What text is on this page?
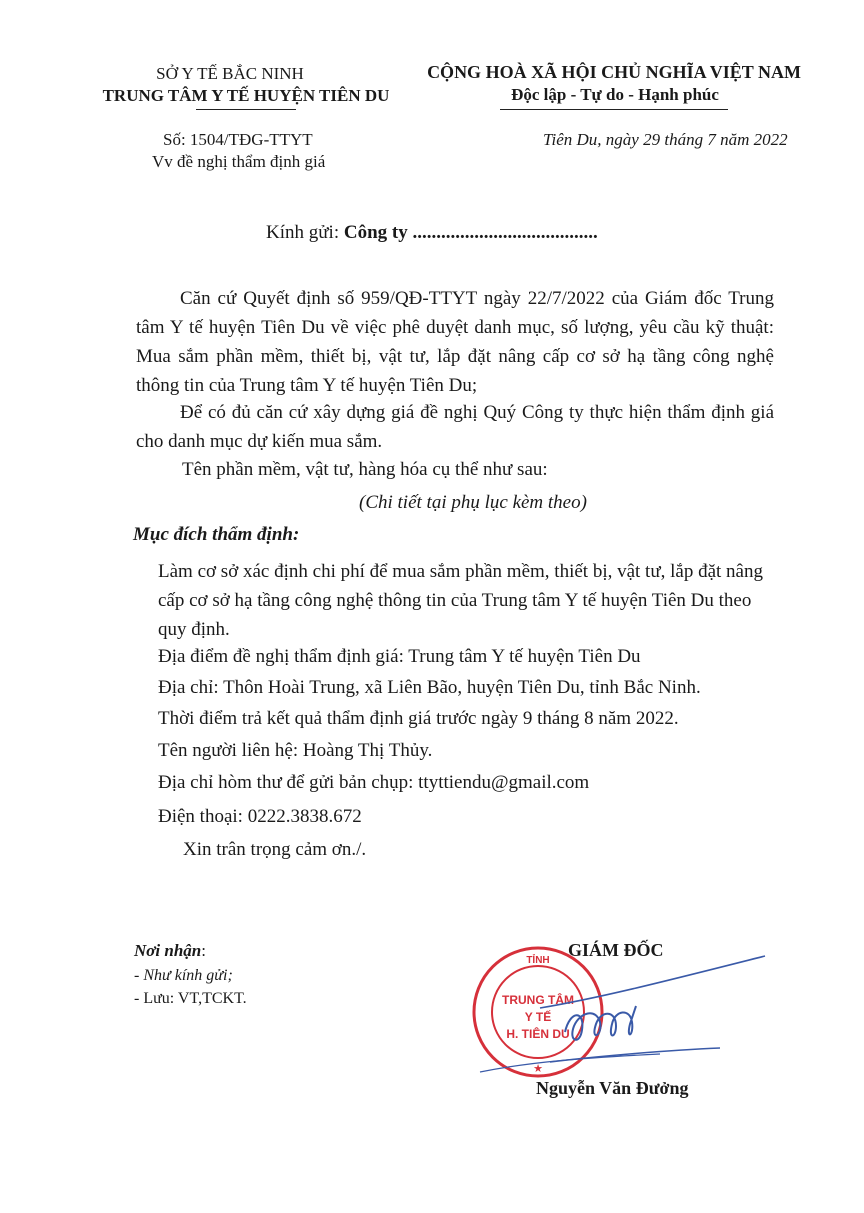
SỞ Y TẾ BẮC NINH
TRUNG TÂM Y TẾ HUYỆN TIÊN DU
CỘNG HOÀ XÃ HỘI CHỦ NGHĨA VIỆT NAM
Độc lập - Tự do - Hạnh phúc
Số: 1504/TĐG-TTYT
Vv đề nghị thẩm định giá
Tiên Du, ngày 29 tháng 7 năm 2022
Kính gửi: Công ty .......................................
Căn cứ Quyết định số 959/QĐ-TTYT ngày 22/7/2022 của Giám đốc Trung tâm Y tế huyện Tiên Du về việc phê duyệt danh mục, số lượng, yêu cầu kỹ thuật: Mua sắm phần mềm, thiết bị, vật tư, lắp đặt nâng cấp cơ sở hạ tầng công nghệ thông tin của Trung tâm Y tế huyện Tiên Du;
Để có đủ căn cứ xây dựng giá đề nghị Quý Công ty thực hiện thẩm định giá cho danh mục dự kiến mua sắm.
Tên phần mềm, vật tư, hàng hóa cụ thể như sau:
(Chi tiết tại phụ lục kèm theo)
Mục đích thẩm định:
Làm cơ sở xác định chi phí để mua sắm phần mềm, thiết bị, vật tư, lắp đặt nâng cấp cơ sở hạ tầng công nghệ thông tin của Trung tâm Y tế huyện Tiên Du theo quy định.
Địa điểm đề nghị thẩm định giá: Trung tâm Y tế huyện Tiên Du
Địa chỉ: Thôn Hoài Trung, xã Liên Bão, huyện Tiên Du, tỉnh Bắc Ninh.
Thời điểm trả kết quả thẩm định giá trước ngày 9 tháng 8 năm 2022.
Tên người liên hệ: Hoàng Thị Thủy.
Địa chỉ hòm thư để gửi bản chụp: ttyttiendu@gmail.com
Điện thoại: 0222.3838.672
Xin trân trọng cảm ơn./.
Nơi nhận:
- Như kính gửi;
- Lưu: VT,TCKT.
GIÁM ĐỐC
TỈNH
TRUNG TÂM
Y TẾ
H. TIÊN DU
★
Nguyễn Văn Đưởng
